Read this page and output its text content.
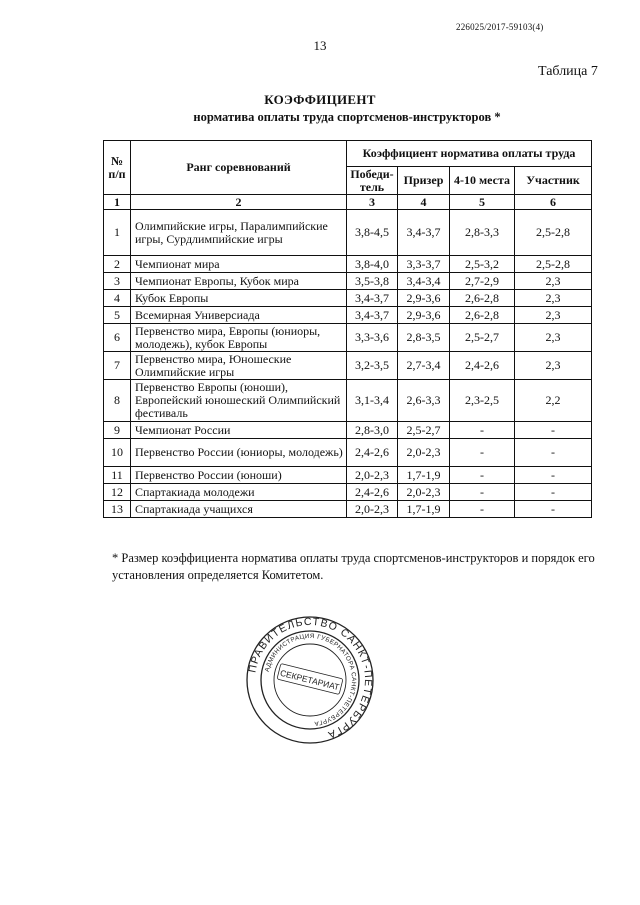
226025/2017-59103(4)
13
Таблица 7
КОЭФФИЦИЕНТ
норматива оплаты труда спортсменов-инструкторов *
№ п/п	Ранг соревнований	Коэффициент норматива оплаты труда			
		Победи-тель	Призер	4-10 места	Участник
1	2	3	4	5	6
1	Олимпийские игры, Паралимпийские игры, Сурдлимпийские игры	3,8-4,5	3,4-3,7	2,8-3,3	2,5-2,8
2	Чемпионат мира	3,8-4,0	3,3-3,7	2,5-3,2	2,5-2,8
3	Чемпионат Европы, Кубок мира	3,5-3,8	3,4-3,4	2,7-2,9	2,3
4	Кубок Европы	3,4-3,7	2,9-3,6	2,6-2,8	2,3
5	Всемирная Универсиада	3,4-3,7	2,9-3,6	2,6-2,8	2,3
6	Первенство мира, Европы (юниоры, молодежь), кубок Европы	3,3-3,6	2,8-3,5	2,5-2,7	2,3
7	Первенство мира, Юношеские Олимпийские игры	3,2-3,5	2,7-3,4	2,4-2,6	2,3
8	Первенство Европы (юноши), Европейский юношеский Олимпийский фестиваль	3,1-3,4	2,6-3,3	2,3-2,5	2,2
9	Чемпионат России	2,8-3,0	2,5-2,7	-	-
10	Первенство России (юниоры, молодежь)	2,4-2,6	2,0-2,3	-	-
11	Первенство России (юноши)	2,0-2,3	1,7-1,9	-	-
12	Спартакиада молодежи	2,4-2,6	2,0-2,3	-	-
13	Спартакиада учащихся	2,0-2,3	1,7-1,9	-	-
* Размер коэффициента норматива оплаты труда спортсменов-инструкторов и порядок его установления определяется Комитетом.
ПРАВИТЕЛЬСТВО САНКТ-ПЕТЕРБУРГА
АДМИНИСТРАЦИЯ ГУБЕРНАТОРА САНКТ-ПЕТЕРБУРГА
СЕКРЕТАРИАТ
